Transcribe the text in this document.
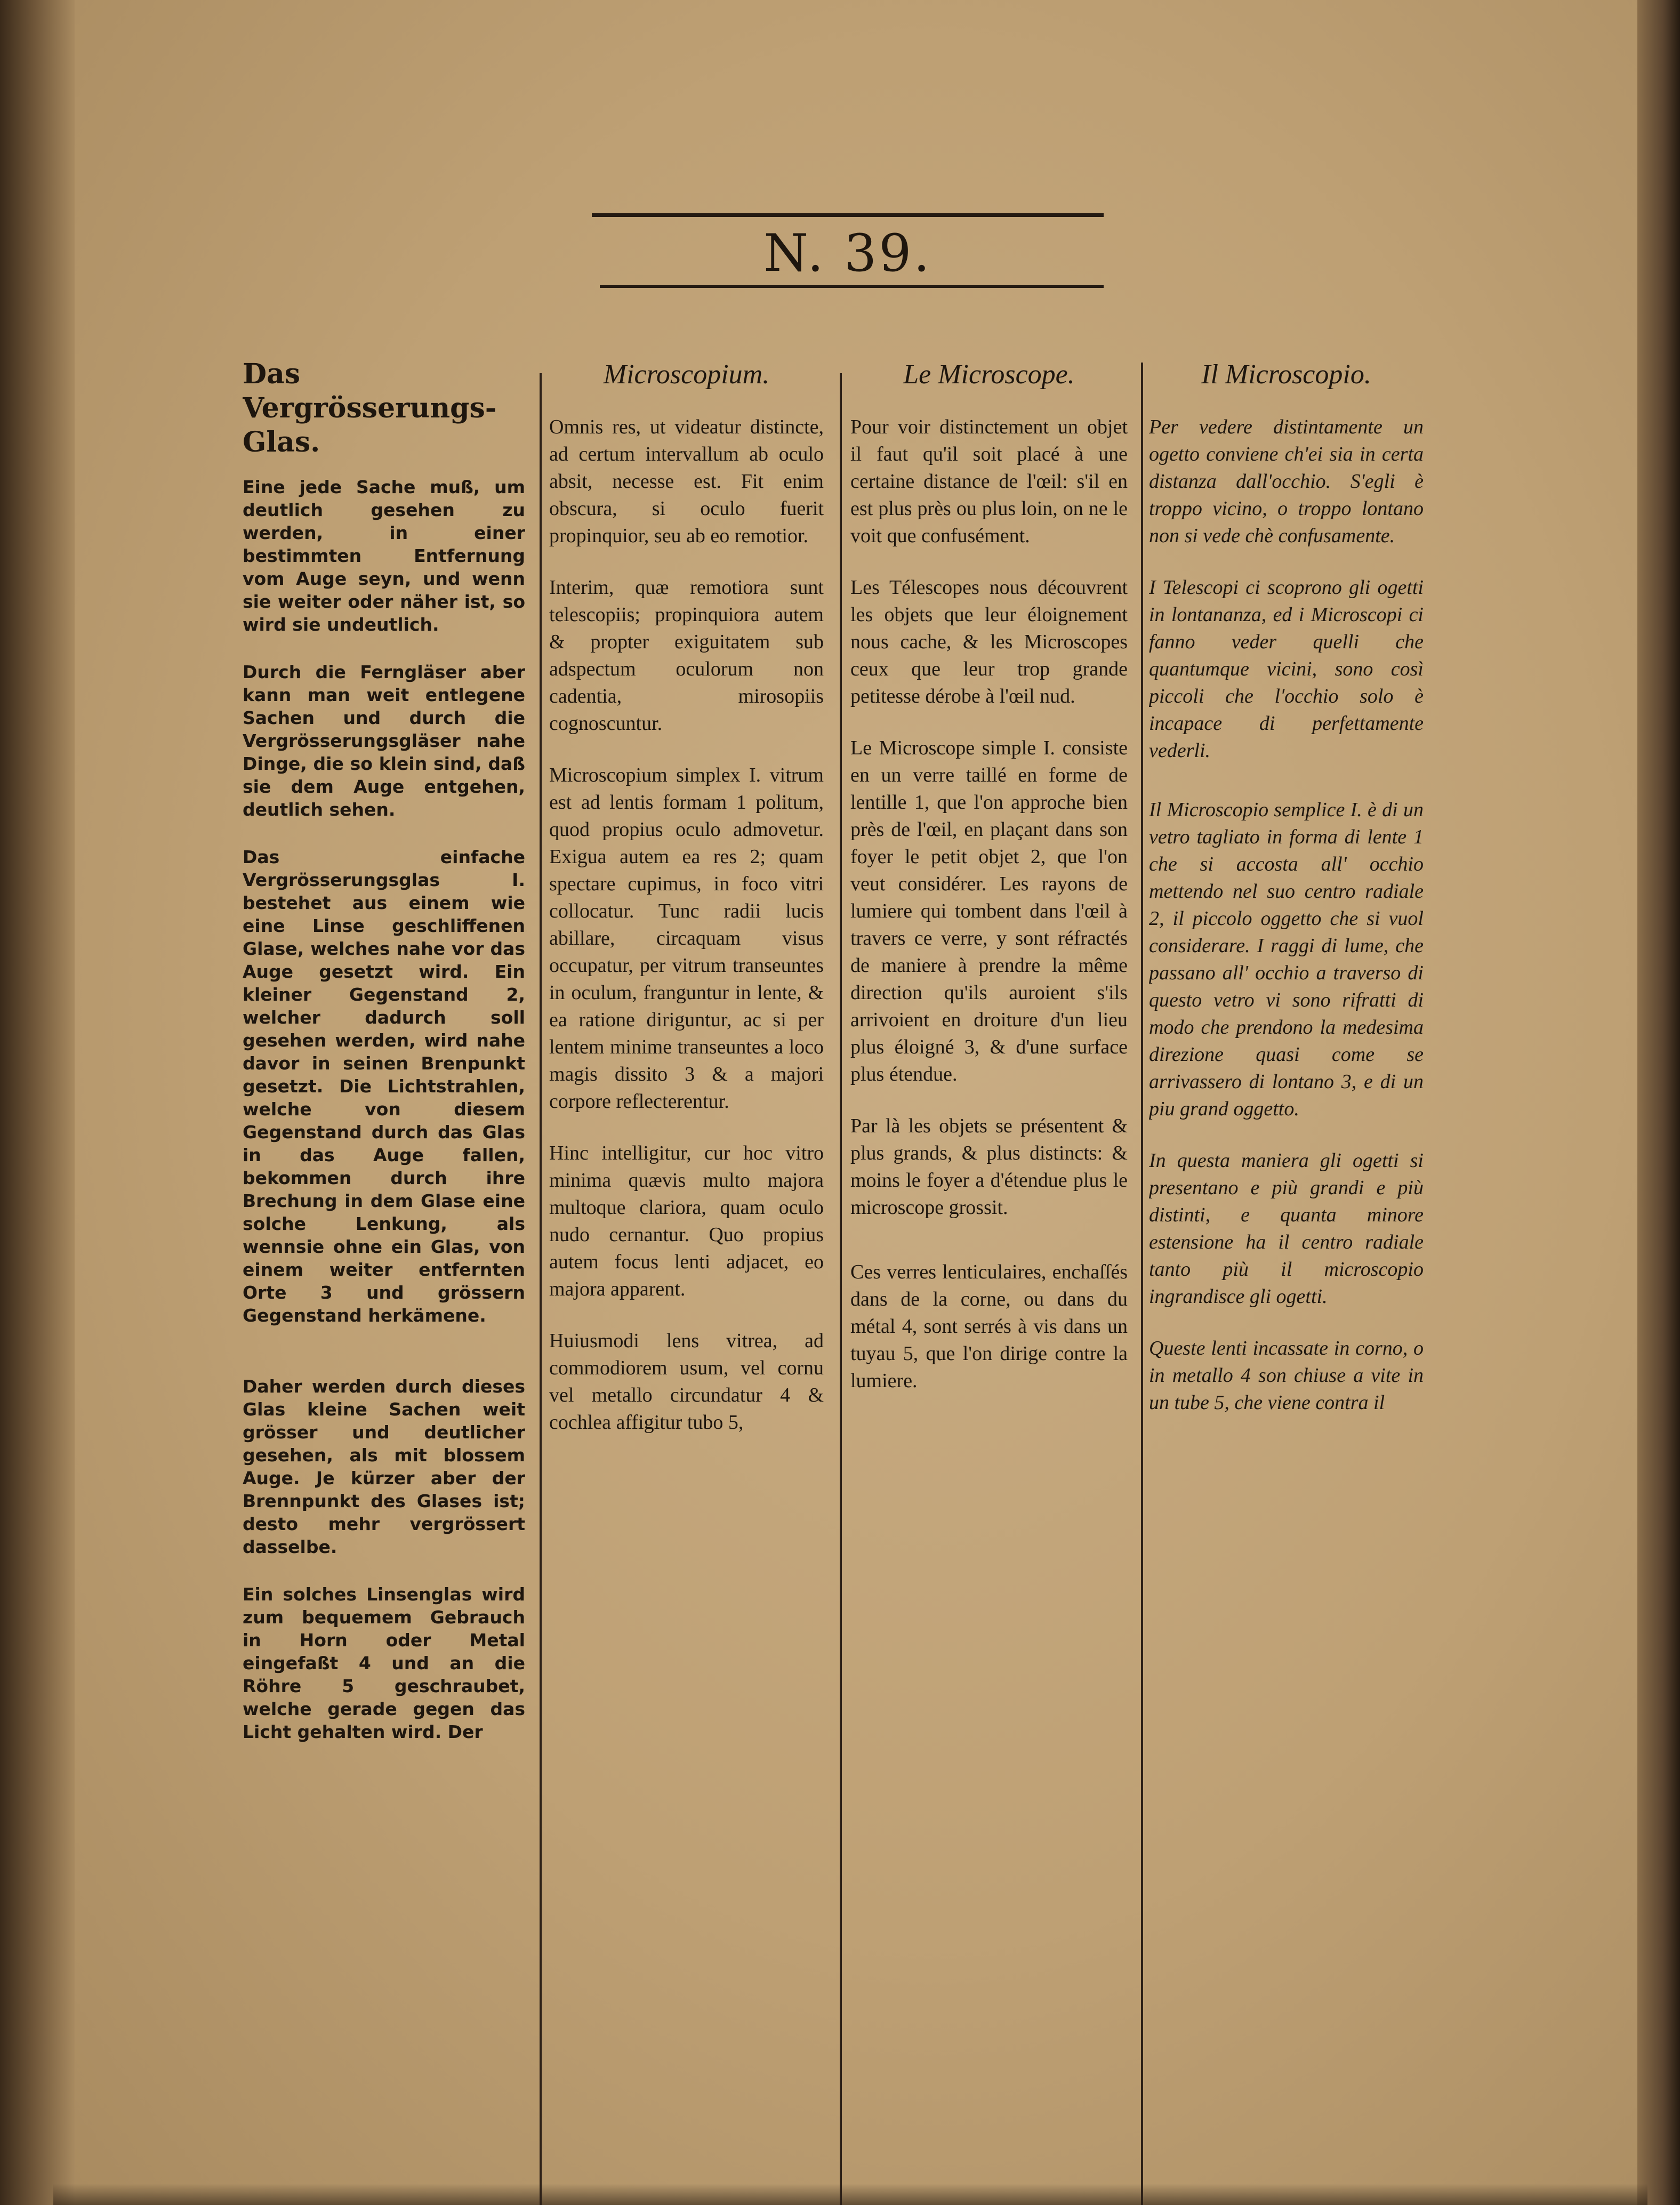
N. 39.
Das Vergrösserungs-Glas.

Eine jede Sache muß, um deutlich gesehen zu werden, in einer bestimmten Entfernung vom Auge seyn, und wenn sie weiter oder näher ist, so wird sie undeutlich.

Durch die Ferngläser aber kann man weit entlegene Sachen und durch die Vergrösserungsgläser nahe Dinge, die so klein sind, daß sie dem Auge entgehen, deutlich sehen.

Das einfache Vergrösserungsglas I. bestehet aus einem wie eine Linse geschliffenen Glase, welches nahe vor das Auge gesetzt wird. Ein kleiner Gegenstand 2, welcher dadurch soll gesehen werden, wird nahe davor in seinen Brenpunkt gesetzt. Die Lichtstrahlen, welche von diesem Gegenstand durch das Glas in das Auge fallen, bekommen durch ihre Brechung in dem Glase eine solche Lenkung, als wennsie ohne ein Glas, von einem weiter entfernten Orte 3 und grössern Gegenstand herkämene.

Daher werden durch dieses Glas kleine Sachen weit grösser und deutlicher gesehen, als mit blossem Auge. Je kürzer aber der Brennpunkt des Glases ist; desto mehr vergrössert dasselbe.

Ein solches Linsenglas wird zum bequemem Gebrauch in Horn oder Metal eingefaßt 4 und an die Röhre 5 geschraubet, welche gerade gegen das Licht gehalten wird. Der

Microscopium.

Omnis res, ut videatur distincte, ad certum intervallum ab oculo absit, necesse est. Fit enim obscura, si oculo fuerit propinquior, seu ab eo remotior.

Interim, quæ remotiora sunt telescopiis; propinquiora autem & propter exiguitatem sub adspectum oculorum non cadentia, mirosopiis cognoscuntur.

Microscopium simplex I. vitrum est ad lentis formam 1 politum, quod propius oculo admovetur. Exigua autem ea res 2; quam spectare cupimus, in foco vitri collocatur. Tunc radii lucis abillare, circaquam visus occupatur, per vitrum transeuntes in oculum, franguntur in lente, & ea ratione diriguntur, ac si per lentem minime transeuntes a loco magis dissito 3 & a majori corpore reflecterentur.

Hinc intelligitur, cur hoc vitro minima quævis multo majora multoque clariora, quam oculo nudo cernantur. Quo propius autem focus lenti adjacet, eo majora apparent.

Huiusmodi lens vitrea, ad commodiorem usum, vel cornu vel metallo circundatur 4 & cochlea affigitur tubo 5,

Le Microscope.

Pour voir distinctement un objet il faut qu'il soit placé à une certaine distance de l'œil: s'il en est plus près ou plus loin, on ne le voit que confusément.

Les Télescopes nous découvrent les objets que leur éloignement nous cache, & les Microscopes ceux que leur trop grande petitesse dérobe à l'œil nud.

Le Microscope simple I. consiste en un verre taillé en forme de lentille 1, que l'on approche bien près de l'œil, en plaçant dans son foyer le petit objet 2, que l'on veut considérer. Les rayons de lumiere qui tombent dans l'œil à travers ce verre, y sont réfractés de maniere à prendre la même direction qu'ils auroient s'ils arrivoient en droiture d'un lieu plus éloigné 3, & d'une surface plus étendue.

Par là les objets se présentent & plus grands, & plus distincts: & moins le foyer a d'étendue plus le microscope grossit.

Ces verres lenticulaires, enchaſſés dans de la corne, ou dans du métal 4, sont serrés à vis dans un tuyau 5, que l'on dirige contre la lumiere.

Il Microscopio.

Per vedere distintamente un ogetto conviene ch'ei sia in certa distanza dall'occhio. S'egli è troppo vicino, o troppo lontano non si vede chè confusamente.

I Telescopi ci scoprono gli ogetti in lontananza, ed i Microscopi ci fanno veder quelli che quantumque vicini, sono così piccoli che l'occhio solo è incapace di perfettamente vederli.

Il Microscopio semplice I. è di un vetro tagliato in forma di lente 1 che si accosta all' occhio mettendo nel suo centro radiale 2, il piccolo oggetto che si vuol considerare. I raggi di lume, che passano all' occhio a traverso di questo vetro vi sono rifratti di modo che prendono la medesima direzione quasi come se arrivassero di lontano 3, e di un piu grand oggetto.

In questa maniera gli ogetti si presentano e più grandi e più distinti, e quanta minore estensione ha il centro radiale tanto più il microscopio ingrandisce gli ogetti.

Queste lenti incassate in corno, o in metallo 4 son chiuse a vite in un tube 5, che viene contra il
